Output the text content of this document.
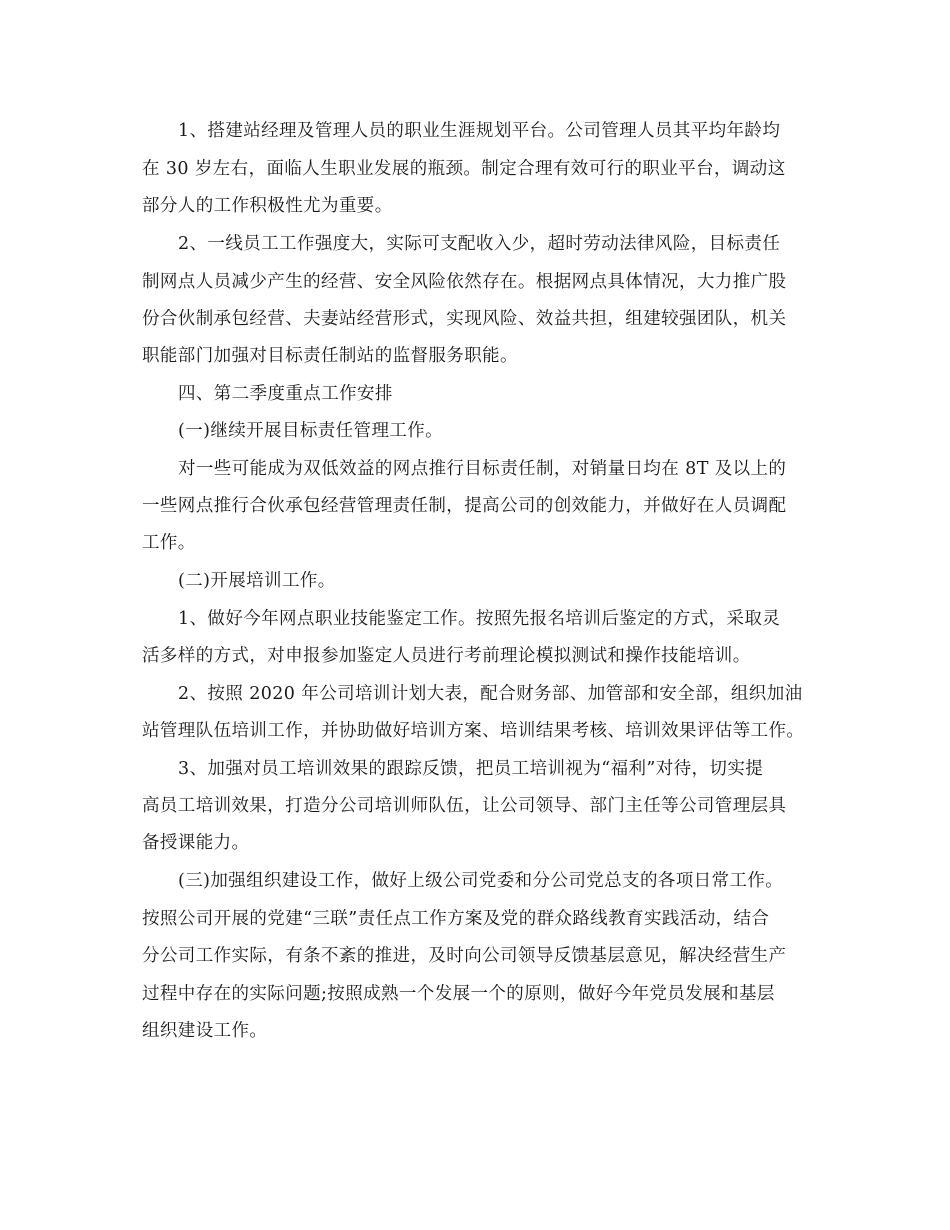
1、搭建站经理及管理人员的职业生涯规划平台。公司管理人员其平均年龄均

在 30 岁左右，面临人生职业发展的瓶颈。制定合理有效可行的职业平台，调动这

部分人的工作积极性尤为重要。

2、一线员工工作强度大，实际可支配收入少，超时劳动法律风险，目标责任

制网点人员减少产生的经营、安全风险依然存在。根据网点具体情况，大力推广股

份合伙制承包经营、夫妻站经营形式，实现风险、效益共担，组建较强团队，机关

职能部门加强对目标责任制站的监督服务职能。

四、第二季度重点工作安排

(一)继续开展目标责任管理工作。

对一些可能成为双低效益的网点推行目标责任制，对销量日均在 8T 及以上的

一些网点推行合伙承包经营管理责任制，提高公司的创效能力，并做好在人员调配

工作。

(二)开展培训工作。

1、做好今年网点职业技能鉴定工作。按照先报名培训后鉴定的方式，采取灵

活多样的方式，对申报参加鉴定人员进行考前理论模拟测试和操作技能培训。

2、按照 2020 年公司培训计划大表，配合财务部、加管部和安全部，组织加油

站管理队伍培训工作，并协助做好培训方案、培训结果考核、培训效果评估等工作。

3、加强对员工培训效果的跟踪反馈，把员工培训视为“福利”对待，切实提

高员工培训效果，打造分公司培训师队伍，让公司领导、部门主任等公司管理层具

备授课能力。

(三)加强组织建设工作，做好上级公司党委和分公司党总支的各项日常工作。

按照公司开展的党建“三联”责任点工作方案及党的群众路线教育实践活动，结合

分公司工作实际，有条不紊的推进，及时向公司领导反馈基层意见，解决经营生产

过程中存在的实际问题;按照成熟一个发展一个的原则，做好今年党员发展和基层

组织建设工作。
